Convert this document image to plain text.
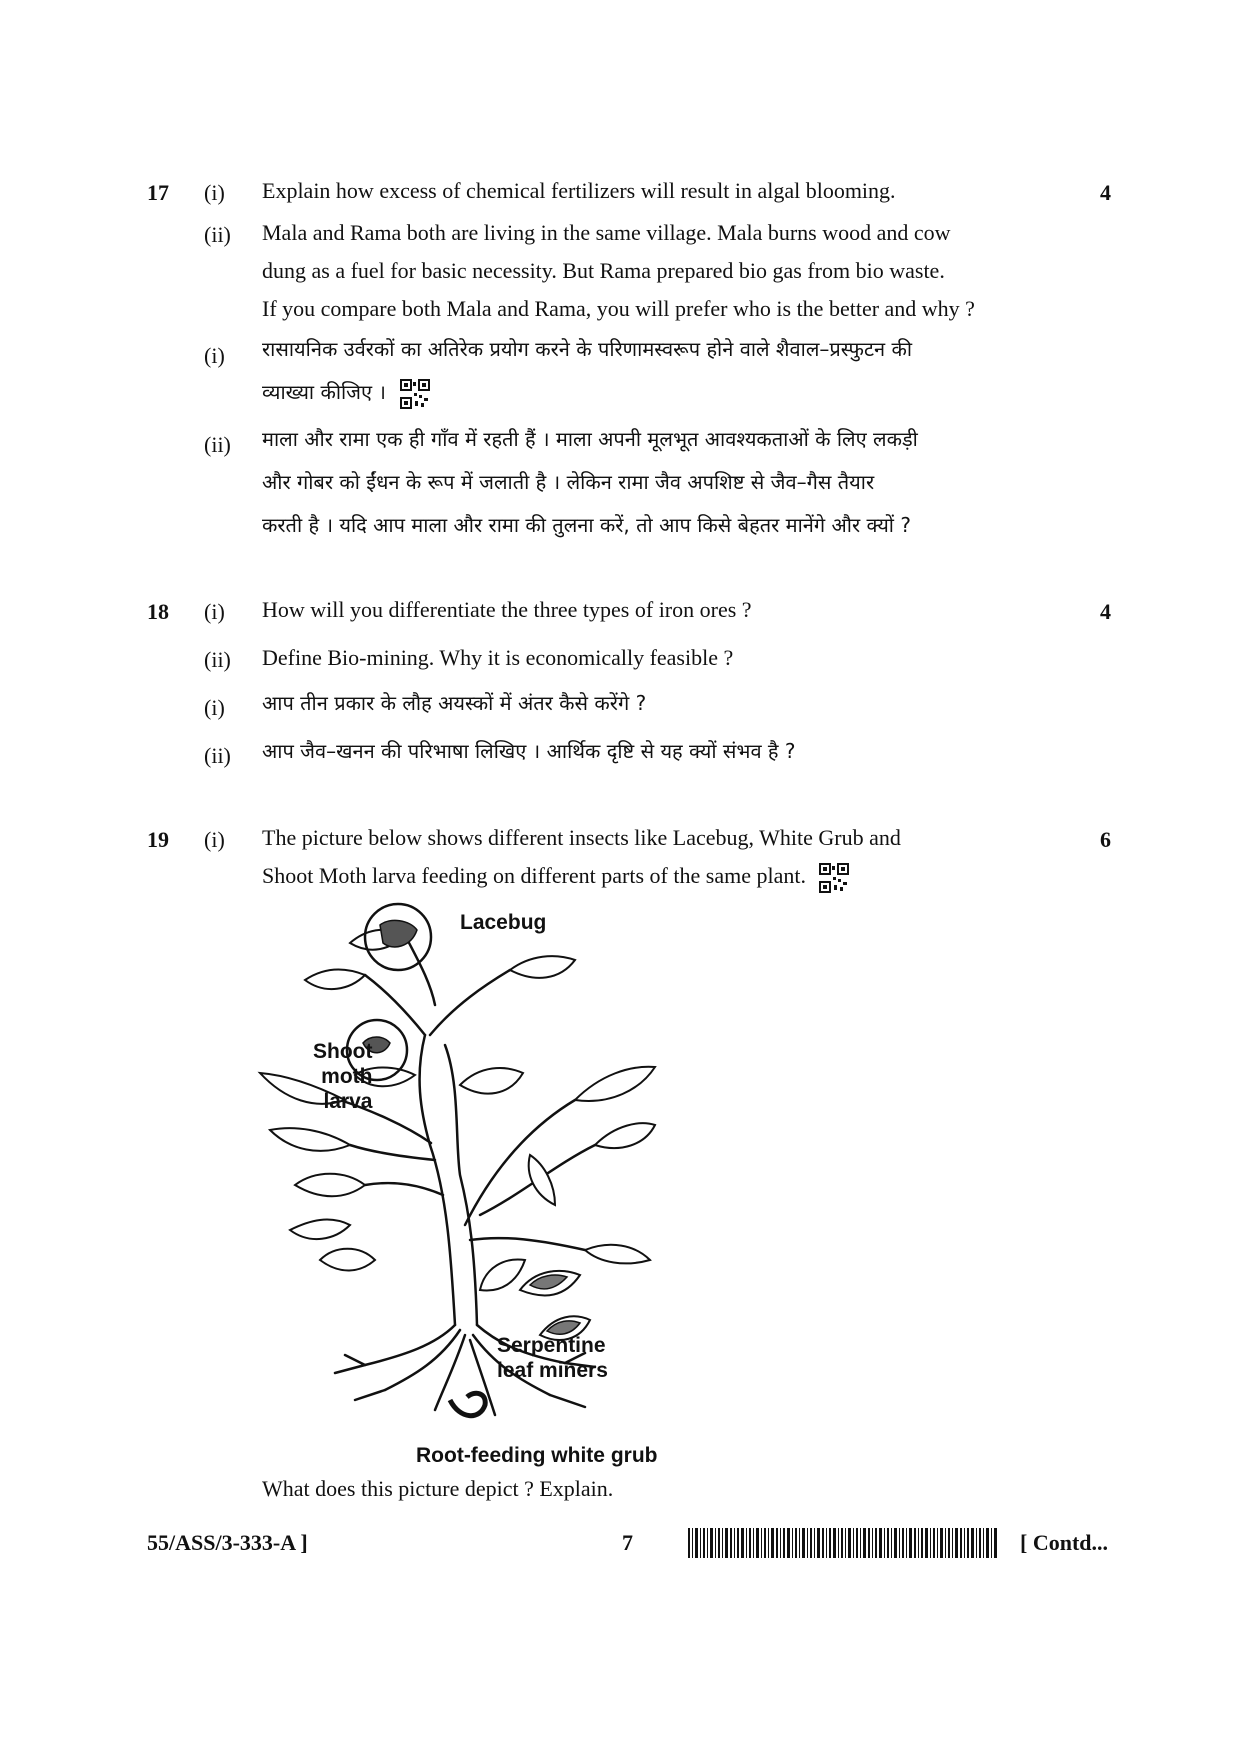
17 (i) Explain how excess of chemical fertilizers will result in algal blooming.	4
(ii) Mala and Rama both are living in the same village. Mala burns wood and cow
dung as a fuel for basic necessity. But Rama prepared bio gas from bio waste.
If you compare both Mala and Rama, you will prefer who is the better and why ?
(i) रासायनिक उर्वरकों का अतिरेक प्रयोग करने के परिणामस्वरूप होने वाले शैवाल–प्रस्फुटन की
व्याख्या कीजिए ।
(ii) माला और रामा एक ही गाँव में रहती हैं । माला अपनी मूलभूत आवश्यकताओं के लिए लकड़ी
और गोबर को ईंधन के रूप में जलाती है । लेकिन रामा जैव अपशिष्ट से जैव–गैस तैयार
करती है । यदि आप माला और रामा की तुलना करें, तो आप किसे बेहतर मानेंगे और क्यों ?
18 (i) How will you differentiate the three types of iron ores ?	4
(ii) Define Bio-mining. Why it is economically feasible ?
(i) आप तीन प्रकार के लौह अयस्कों में अंतर कैसे करेंगे ?
(ii) आप जैव–खनन की परिभाषा लिखिए । आर्थिक दृष्टि से यह क्यों संभव है ?
19 (i) The picture below shows different insects like Lacebug, White Grub and
Shoot Moth larva feeding on different parts of the same plant.
6
Lacebug
Shoot
moth
larva
Serpentine
leaf miners
Root-feeding white grub
What does this picture depict ? Explain.
55/ASS/3-333-A ]	7	[ Contd...
